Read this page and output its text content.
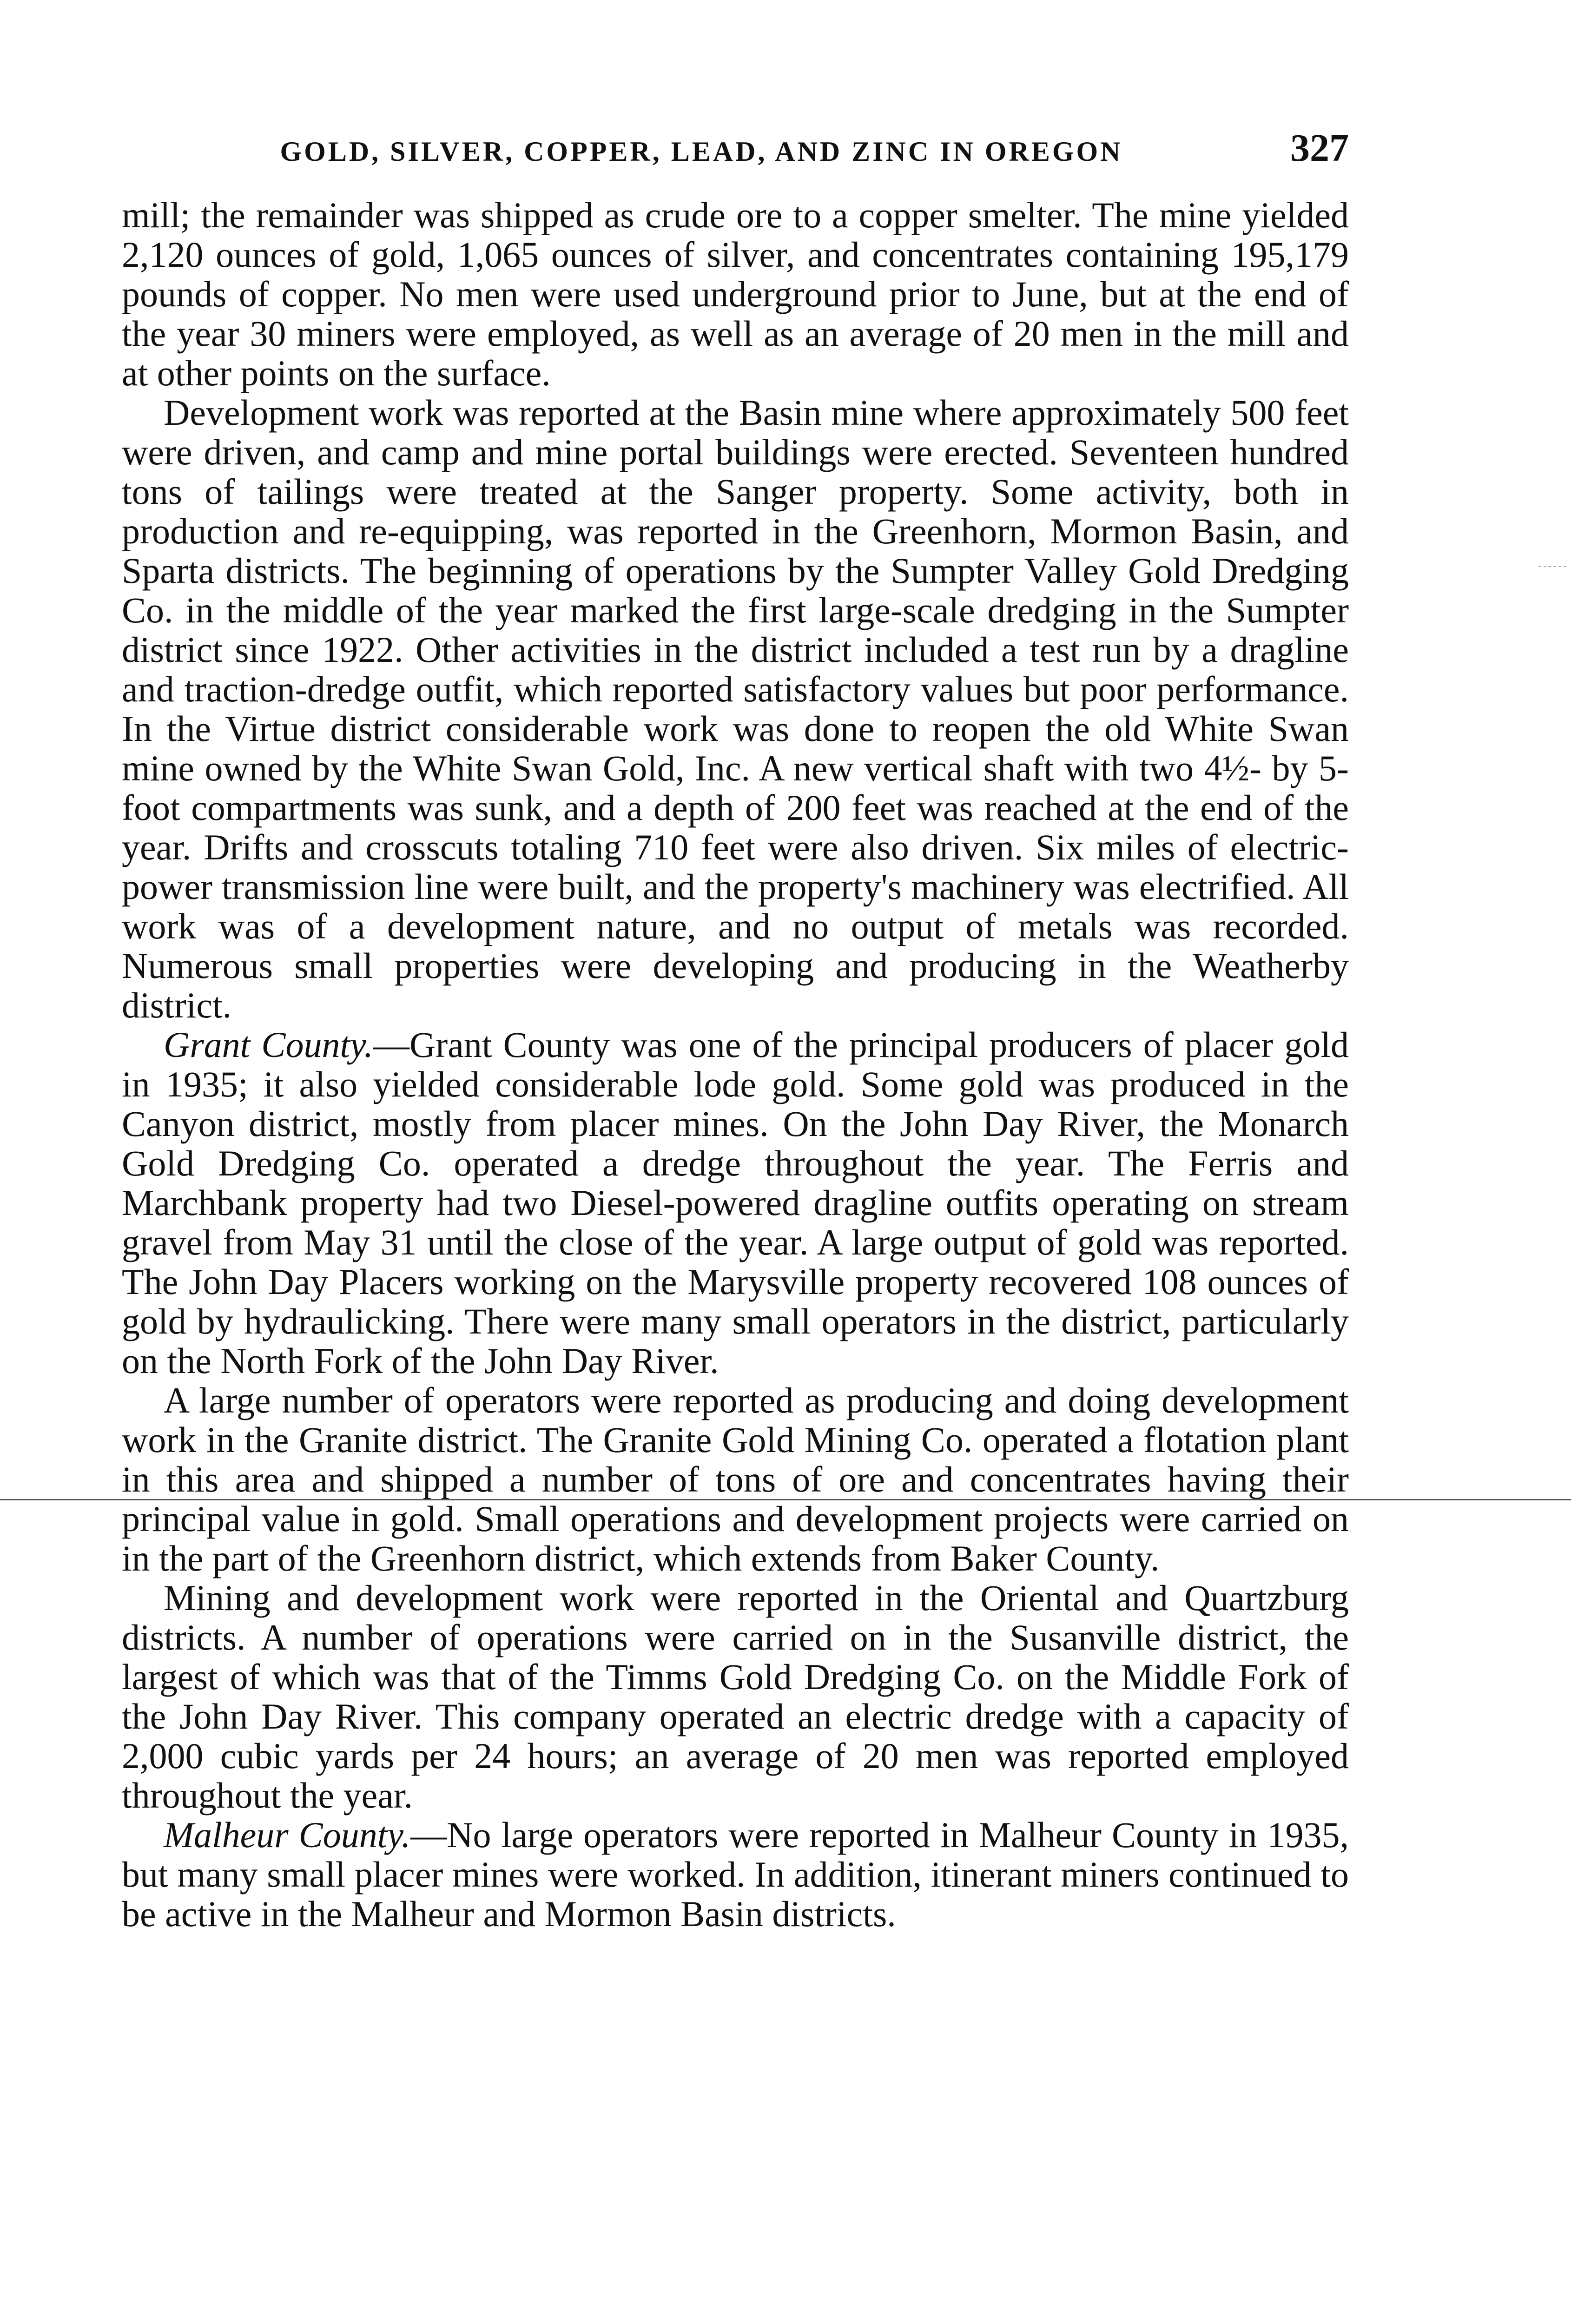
GOLD, SILVER, COPPER, LEAD, AND ZINC IN OREGON	327

mill; the remainder was shipped as crude ore to a copper smelter. The mine yielded 2,120 ounces of gold, 1,065 ounces of silver, and concentrates containing 195,179 pounds of copper. No men were used underground prior to June, but at the end of the year 30 miners were employed, as well as an average of 20 men in the mill and at other points on the surface.

Development work was reported at the Basin mine where approximately 500 feet were driven, and camp and mine portal buildings were erected. Seventeen hundred tons of tailings were treated at the Sanger property. Some activity, both in production and re-equipping, was reported in the Greenhorn, Mormon Basin, and Sparta districts. The beginning of operations by the Sumpter Valley Gold Dredging Co. in the middle of the year marked the first large-scale dredging in the Sumpter district since 1922. Other activities in the district included a test run by a dragline and traction-dredge outfit, which reported satisfactory values but poor performance. In the Virtue district considerable work was done to reopen the old White Swan mine owned by the White Swan Gold, Inc. A new vertical shaft with two 4½- by 5-foot compartments was sunk, and a depth of 200 feet was reached at the end of the year. Drifts and crosscuts totaling 710 feet were also driven. Six miles of electric-power transmission line were built, and the property's machinery was electrified. All work was of a development nature, and no output of metals was recorded. Numerous small properties were developing and producing in the Weatherby district.

Grant County.—Grant County was one of the principal producers of placer gold in 1935; it also yielded considerable lode gold. Some gold was produced in the Canyon district, mostly from placer mines. On the John Day River, the Monarch Gold Dredging Co. operated a dredge throughout the year. The Ferris and Marchbank property had two Diesel-powered dragline outfits operating on stream gravel from May 31 until the close of the year. A large output of gold was reported. The John Day Placers working on the Marysville property recovered 108 ounces of gold by hydraulicking. There were many small operators in the district, particularly on the North Fork of the John Day River.

A large number of operators were reported as producing and doing development work in the Granite district. The Granite Gold Mining Co. operated a flotation plant in this area and shipped a number of tons of ore and concentrates having their principal value in gold. Small operations and development projects were carried on in the part of the Greenhorn district, which extends from Baker County.

Mining and development work were reported in the Oriental and Quartzburg districts. A number of operations were carried on in the Susanville district, the largest of which was that of the Timms Gold Dredging Co. on the Middle Fork of the John Day River. This company operated an electric dredge with a capacity of 2,000 cubic yards per 24 hours; an average of 20 men was reported employed throughout the year.

Malheur County.—No large operators were reported in Malheur County in 1935, but many small placer mines were worked. In addition, itinerant miners continued to be active in the Malheur and Mormon Basin districts.
